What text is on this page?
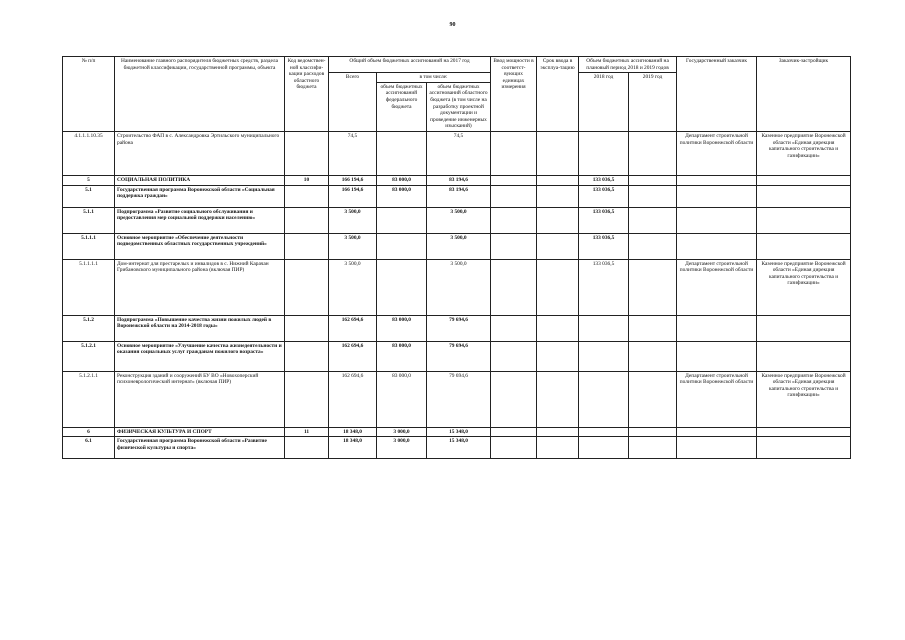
90
№ п/п	Наименование главного распорядителя бюджетных средств, раздела бюджетной классификации, государственной программы, объекта	Код ведомствен-ной классифи-кации расходов областного бюджета	Общий объем бюджетных ассигнований на 2017 год			Ввод мощности в соответст-вующих единицах измерения	Срок ввода в эксплуа-тацию	Объем бюджетных ассигнований на плановый период 2018 и 2019 годов		Государственный заказчик	Заказчик-застройщик
			Всего	в том числе:				2018 год	2019 год		
				объем бюджетных ассигнований федерального бюджета	объем бюджетных ассигнований областного бюджета (в том числе на разработку проектной документации и проведение инженерных изысканий)						
4.1.1.1.10.35	Строительство ФАП в с. Александровка Эртильского муниципального района		74,5		74,5					Департамент строительной политики Воронежской области	Казенное предприятие Воронежской области «Единая дирекция капитального строительства и газификации»
5	СОЦИАЛЬНАЯ ПОЛИТИКА	10	166 194,6	83 000,0	83 194,6			133 036,5			
5.1	Государственная программа Воронежской области «Социальная поддержка граждан»		166 194,6	83 000,0	83 194,6			133 036,5			
5.1.1	Подпрограмма «Развитие социального обслуживания и предоставления мер социальной поддержки населению»		3 500,0		3 500,0			133 036,5			
5.1.1.1	Основное мероприятие «Обеспечение деятельности подведомственных областных государственных учреждений»		3 500,0		3 500,0			133 036,5			
5.1.1.1.1	Дом-интернат для престарелых и инвалидов в с. Нижний Карачан Грибановского муниципального района (включая ПИР)		3 500,0		3 500,0			133 036,5		Департамент строительной политики Воронежской области	Казенное предприятие Воронежской области «Единая дирекция капитального строительства и газификации»
5.1.2	Подпрограмма «Повышение качества жизни пожилых людей в Воронежской области на 2014-2018 годы»		162 694,6	83 000,0	79 694,6						
5.1.2.1	Основное мероприятие «Улучшение качества жизнедеятельности и оказания социальных услуг гражданам пожилого возраста»		162 694,6	83 000,0	79 694,6						
5.1.2.1.1	Реконструкция зданий и сооружений БУ ВО «Новохоперский психоневрологический интернат» (включая ПИР)		162 694,6	83 000,0	79 694,6					Департамент строительной политики Воронежской области	Казенное предприятие Воронежской области «Единая дирекция капитального строительства и газификации»
6	ФИЗИЧЕСКАЯ КУЛЬТУРА И СПОРТ	11	18 348,0	3 000,0	15 348,0						
6.1	Государственная программа Воронежской области «Развитие физической культуры и спорта»		18 348,0	3 000,0	15 348,0						
